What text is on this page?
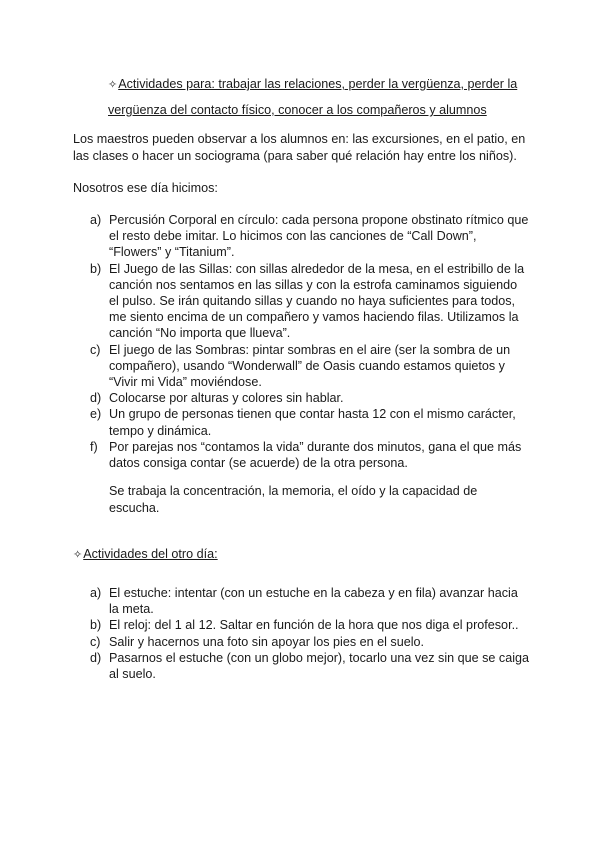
✧Actividades para: trabajar las relaciones, perder la vergüenza, perder la vergüenza del contacto físico, conocer a los compañeros y alumnos
Los maestros pueden observar a los alumnos en: las excursiones, en el patio, en las clases o hacer un sociograma (para saber qué relación hay entre los niños).
Nosotros ese día hicimos:
a) Percusión Corporal en círculo: cada persona propone obstinato rítmico que el resto debe imitar. Lo hicimos con las canciones de “Call Down”, “Flowers” y “Titanium”.
b) El Juego de las Sillas: con sillas alrededor de la mesa, en el estribillo de la canción nos sentamos en las sillas y con la estrofa caminamos siguiendo el pulso. Se irán quitando sillas y cuando no haya suficientes para todos, me siento encima de un compañero y vamos haciendo filas. Utilizamos la canción “No importa que llueva”.
c) El juego de las Sombras: pintar sombras en el aire (ser la sombra de un compañero), usando “Wonderwall” de Oasis cuando estamos quietos y “Vivir mi Vida” moviéndose.
d) Colocarse por alturas y colores sin hablar.
e) Un grupo de personas tienen que contar hasta 12 con el mismo carácter, tempo y dinámica.
f) Por parejas nos “contamos la vida” durante dos minutos, gana el que más datos consiga contar (se acuerde) de la otra persona.
Se trabaja la concentración, la memoria, el oído y la capacidad de escucha.
✧Actividades del otro día:
a) El estuche: intentar (con un estuche en la cabeza y en fila) avanzar hacia la meta.
b) El reloj: del 1 al 12. Saltar en función de la hora que nos diga el profesor..
c) Salir y hacernos una foto sin apoyar los pies en el suelo.
d) Pasarnos el estuche (con un globo mejor), tocarlo una vez sin que se caiga al suelo.
